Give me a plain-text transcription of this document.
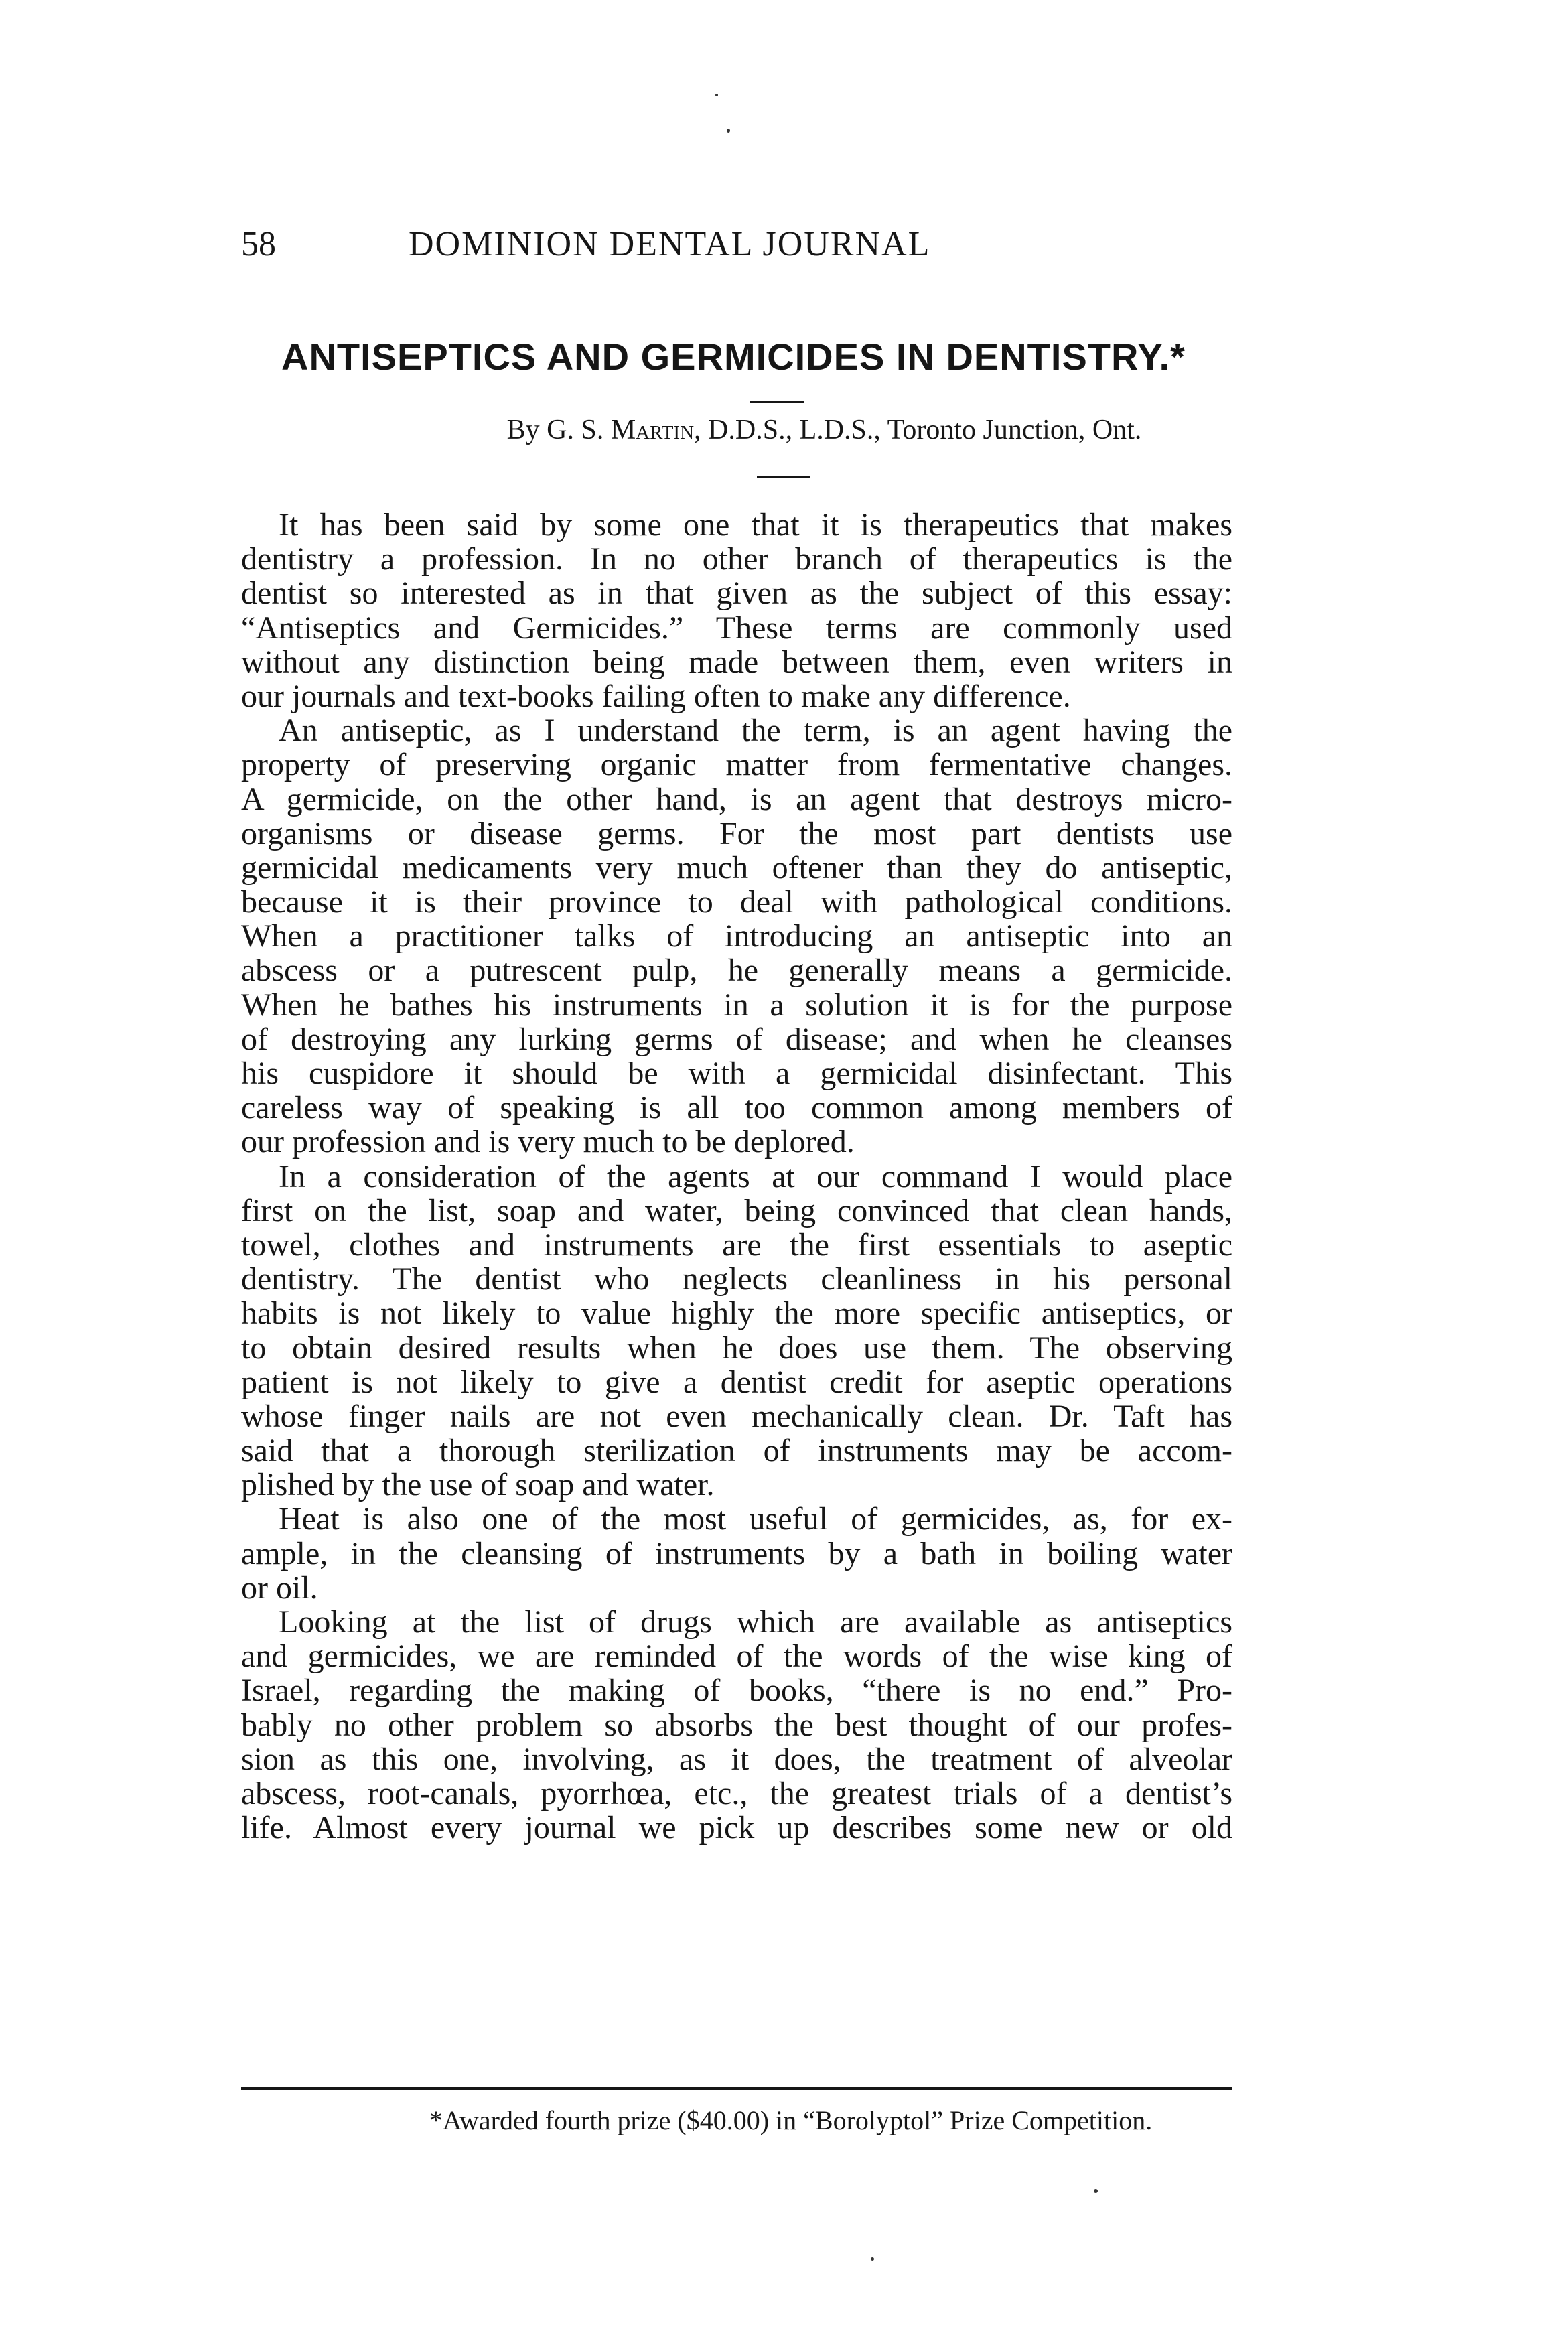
58	DOMINION DENTAL JOURNAL
ANTISEPTICS AND GERMICIDES IN DENTISTRY.*
By G. S. Martin, D.D.S., L.D.S., Toronto Junction, Ont.
It has been said by some one that it is therapeutics that makes
dentistry a profession. In no other branch of therapeutics is the
dentist so interested as in that given as the subject of this essay:
“Antiseptics and Germicides.” These terms are commonly used
without any distinction being made between them, even writers in
our journals and text-books failing often to make any difference.
An antiseptic, as I understand the term, is an agent having the
property of preserving organic matter from fermentative changes.
A germicide, on the other hand, is an agent that destroys micro-
organisms or disease germs. For the most part dentists use
germicidal medicaments very much oftener than they do antiseptic,
because it is their province to deal with pathological conditions.
When a practitioner talks of introducing an antiseptic into an
abscess or a putrescent pulp, he generally means a germicide.
When he bathes his instruments in a solution it is for the purpose
of destroying any lurking germs of disease; and when he cleanses
his cuspidore it should be with a germicidal disinfectant. This
careless way of speaking is all too common among members of
our profession and is very much to be deplored.
In a consideration of the agents at our command I would place
first on the list, soap and water, being convinced that clean hands,
towel, clothes and instruments are the first essentials to aseptic
dentistry. The dentist who neglects cleanliness in his personal
habits is not likely to value highly the more specific antiseptics, or
to obtain desired results when he does use them. The observing
patient is not likely to give a dentist credit for aseptic operations
whose finger nails are not even mechanically clean. Dr. Taft has
said that a thorough sterilization of instruments may be accom-
plished by the use of soap and water.
Heat is also one of the most useful of germicides, as, for ex-
ample, in the cleansing of instruments by a bath in boiling water
or oil.
Looking at the list of drugs which are available as antiseptics
and germicides, we are reminded of the words of the wise king of
Israel, regarding the making of books, “there is no end.” Pro-
bably no other problem so absorbs the best thought of our profes-
sion as this one, involving, as it does, the treatment of alveolar
abscess, root-canals, pyorrhœa, etc., the greatest trials of a dentist’s
life. Almost every journal we pick up describes some new or old
*Awarded fourth prize ($40.00) in “Borolyptol” Prize Competition.
